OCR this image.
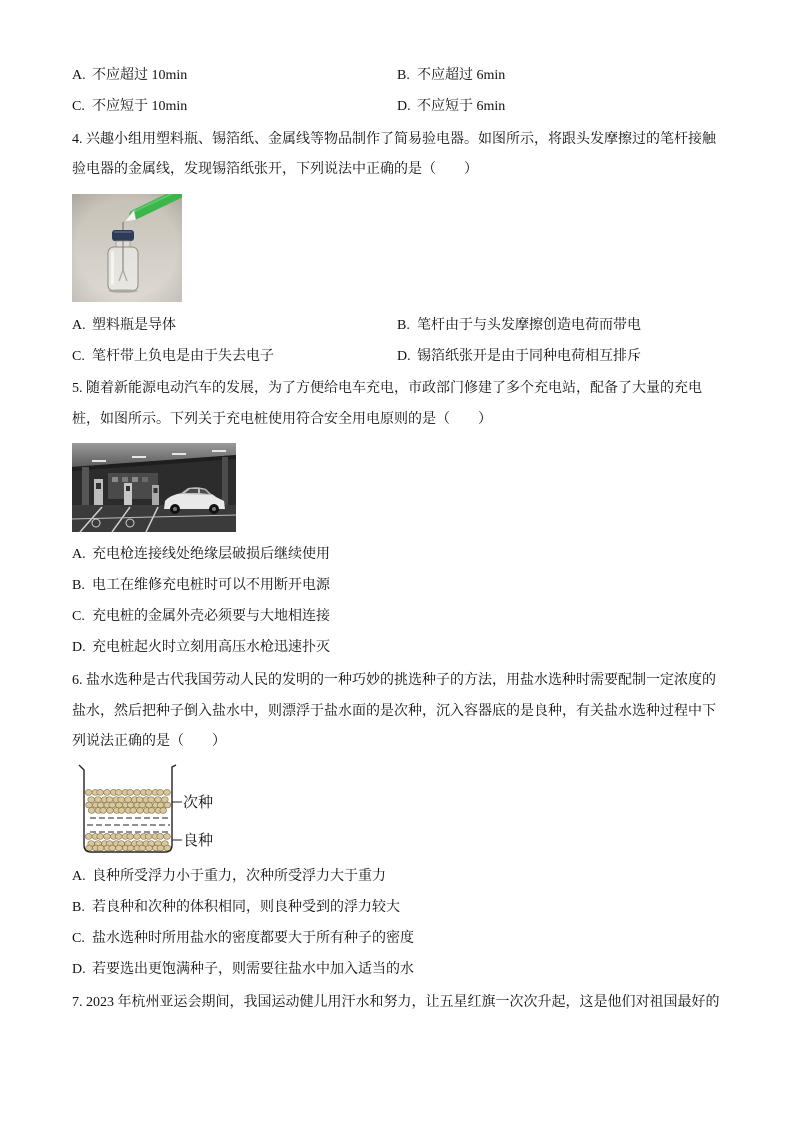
A. 不应超过 10min	B. 不应超过 6min
C. 不应短于 10min	D. 不应短于 6min
4. 兴趣小组用塑料瓶、锡箔纸、金属线等物品制作了简易验电器。如图所示，将跟头发摩擦过的笔杆接触
验电器的金属线，发现锡箔纸张开，下列说法中正确的是（　　）
A. 塑料瓶是导体	B. 笔杆由于与头发摩擦创造电荷而带电
C. 笔杆带上负电是由于失去电子	D. 锡箔纸张开是由于同种电荷相互排斥
5. 随着新能源电动汽车的发展，为了方便给电车充电，市政部门修建了多个充电站，配备了大量的充电
桩，如图所示。下列关于充电桩使用符合安全用电原则的是（　　）
A. 充电枪连接线处绝缘层破损后继续使用
B. 电工在维修充电桩时可以不用断开电源
C. 充电桩的金属外壳必须要与大地相连接
D. 充电桩起火时立刻用高压水枪迅速扑灭
6. 盐水选种是古代我国劳动人民的发明的一种巧妙的挑选种子的方法，用盐水选种时需要配制一定浓度的
盐水，然后把种子倒入盐水中，则漂浮于盐水面的是次种，沉入容器底的是良种，有关盐水选种过程中下
列说法正确的是（　　）
次种
良种
A. 良种所受浮力小于重力，次种所受浮力大于重力
B. 若良种和次种的体积相同，则良种受到的浮力较大
C. 盐水选种时所用盐水的密度都要大于所有种子的密度
D. 若要选出更饱满种子，则需要往盐水中加入适当的水
7. 2023 年杭州亚运会期间，我国运动健儿用汗水和努力，让五星红旗一次次升起，这是他们对祖国最好的
